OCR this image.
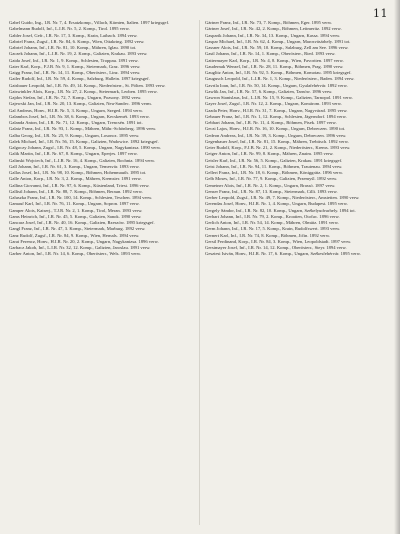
11

Gabel Guido, Ing., I.R. Nr. 7, 4. Ersatzkomp., Villach, Kärnten, Italien. 1897 kriegsgef.

Gabelmann Rudolf, Inf., L.I.R. Nr. 5, 2. Komp., Tirol. 1895 verw.

Gabler Josef, Gefr., I.R. Nr. 17, 3. Komp., Krain, Laibach. 1894 verw.

Gabriel Franz, Zugsf., I.R. Nr. 84, 6. Komp., Wien, Ottakring. 1892 verw.

Gabriel Johann, Inf., I.R. Nr. 81, 10. Komp., Mähren, Iglau. 1890 tot.

Gaczek Johann, Inf., L.I.R. Nr. 19, 2. Komp., Galizien, Krakau. 1893 verw.

Gaida Josef, Inf., I.R. Nr. 1, 9. Komp., Schlesien, Troppau. 1891 verw.

Gaier Karl, Korp., F.J.B. Nr. 9, 1. Komp., Steiermark, Graz. 1896 verw.

Gaigg Franz, Inf., I.R. Nr. 14, 11. Komp., Oberösterr., Linz. 1894 verw.

Gailer Rudolf, Inf., I.R. Nr. 59, 4. Komp., Salzburg, Hallein. 1897 kriegsgef.

Gaisbauer Leopold, Inf., I.R. Nr. 49, 14. Komp., Niederösterr., St. Pölten. 1893 verw.

Gaiswinkler Alois, Korp., I.R. Nr. 27, 2. Komp., Steiermark, Leoben. 1895 verw.

Gajdos Stefan, Inf., I.R. Nr. 72, 7. Komp., Ungarn, Pozsony. 1892 verw.

Gajewski Jan, Inf., I.R. Nr. 20, 13. Komp., Galizien, Neu-Sandec. 1896 verm.

Gal Andreas, Honv., H.I.R. Nr. 5, 3. Komp., Ungarn, Szeged. 1894 verw.

Galambos Josef, Inf., I.R. Nr. 38, 6. Komp., Ungarn, Kecskemét. 1893 verw.

Galanda Anton, Inf., I.R. Nr. 71, 12. Komp., Ungarn, Trencsén. 1891 tot.

Galatz Franz, Inf., I.R. Nr. 93, 1. Komp., Mähren, Mähr.-Schönberg. 1896 verw.

Galba Georg, Inf., I.R. Nr. 25, 9. Komp., Ungarn, Losoncz. 1895 verw.

Galek Michael, Inf., I.R. Nr. 56, 15. Komp., Galizien, Wadowice. 1892 kriegsgef.

Galgoczy Johann, Zugsf., I.R. Nr. 48, 5. Komp., Ungarn, Nagykanizsa. 1890 verw.

Galik Martin, Inf., I.R. Nr. 67, 8. Komp., Ungarn, Eperjes. 1897 verw.

Galinski Wojciech, Inf., L.I.R. Nr. 16, 4. Komp., Galizien, Bochnia. 1894 verw.

Gall Johann, Inf., I.R. Nr. 61, 3. Komp., Ungarn, Temesvár. 1893 verw.

Gallas Josef, Inf., I.R. Nr. 98, 10. Komp., Böhmen, Hohenmauth. 1895 tot.

Galle Anton, Korp., I.R. Nr. 3, 2. Komp., Mähren, Kremsier. 1891 verw.

Gallina Giovanni, Inf., I.R. Nr. 97, 6. Komp., Küstenland, Triest. 1896 verw.

Gallistl Johann, Inf., I.R. Nr. 88, 7. Komp., Böhmen, Beraun. 1892 verw.

Galuszka Franz, Inf., I.R. Nr. 100, 14. Komp., Schlesien, Teschen. 1894 verw.

Gamauf Karl, Inf., I.R. Nr. 76, 11. Komp., Ungarn, Sopron. 1897 verw.

Gamper Alois, Kaiserj., T.J.R. Nr. 2, 1. Komp., Tirol, Meran. 1893 verw.

Gams Heinrich, Inf., I.R. Nr. 45, 5. Komp., Galizien, Sanok. 1890 verw.

Gancarz Josef, Inf., I.R. Nr. 40, 16. Komp., Galizien, Rzeszów. 1895 kriegsgef.

Gangl Franz, Inf., I.R. Nr. 47, 3. Komp., Steiermark, Marburg. 1892 verw.

Ganz Rudolf, Zugsf., I.R. Nr. 84, 9. Komp., Wien, Hernals. 1894 verw.

Garai Ferencz, Honv., H.I.R. Nr. 20, 2. Komp., Ungarn, Nagykanizsa. 1896 verw.

Garbacz Jakob, Inf., L.I.R. Nr. 32, 12. Komp., Galizien, Jaroslau. 1891 verw.

Garber Anton, Inf., I.R. Nr. 14, 6. Komp., Oberösterr., Wels. 1893 verw.

Gärtner Franz, Inf., I.R. Nr. 73, 7. Komp., Böhmen, Eger. 1895 verw.

Gärtner Josef, Inf., I.R. Nr. 42, 2. Komp., Böhmen, Leitmeritz. 1892 verw.

Gasparik Johann, Inf., I.R. Nr. 34, 13. Komp., Ungarn, Kassa. 1894 verw.

Gaspar Michael, Inf., I.R. Nr. 62, 4. Komp., Ungarn, Marosvásárhely. 1891 tot.

Gassner Alois, Inf., I.R. Nr. 59, 10. Komp., Salzburg, Zell am See. 1896 verw.

Gastl Johann, Inf., I.R. Nr. 14, 1. Komp., Oberösterr., Ried. 1893 verw.

Gattermayer Karl, Korp., I.R. Nr. 4, 8. Komp., Wien, Favoriten. 1897 verw.

Gaudernak Wenzel, Inf., I.R. Nr. 28, 11. Komp., Böhmen, Prag. 1890 verw.

Gauglitz Anton, Inf., I.R. Nr. 92, 5. Komp., Böhmen, Komotau. 1895 kriegsgef.

Gaugusch Leopold, Inf., L.I.R. Nr. 1, 3. Komp., Niederösterr., Baden. 1894 verw.

Gavrila Ioan, Inf., I.R. Nr. 50, 14. Komp., Ungarn, Gyulafehérvár. 1892 verw.

Gawlik Jan, Inf., I.R. Nr. 57, 6. Komp., Galizien, Tarnów. 1896 verw.

Gawron Stanislaus, Inf., L.I.R. Nr. 15, 9. Komp., Galizien, Tarnopol. 1891 verw.

Gayer Josef, Zugsf., I.R. Nr. 12, 2. Komp., Ungarn, Komárom. 1893 verw.

Gazda Peter, Honv., H.I.R. Nr. 31, 7. Komp., Ungarn, Nagyvárad. 1895 verw.

Gebauer Franz, Inf., I.R. Nr. 1, 12. Komp., Schlesien, Jägerndorf. 1894 verw.

Gebhart Johann, Inf., I.R. Nr. 11, 4. Komp., Böhmen, Pisek. 1897 verw.

Geczi Lajos, Honv., H.I.R. Nr. 16, 10. Komp., Ungarn, Debreczen. 1890 tot.

Gedeon Andreas, Inf., I.R. Nr. 39, 3. Komp., Ungarn, Debreczen. 1896 verw.

Gegenbauer Josef, Inf., I.R. Nr. 81, 15. Komp., Mähren, Trebitsch. 1892 verw.

Geier Rudolf, Korp., F.J.B. Nr. 21, 2. Komp., Niederösterr., Krems. 1893 verw.

Geiger Anton, Inf., I.R. Nr. 99, 8. Komp., Mähren, Znaim. 1895 verw.

Geisler Karl, Inf., I.R. Nr. 56, 5. Komp., Galizien, Krakau. 1891 kriegsgef.

Geist Johann, Inf., I.R. Nr. 94, 11. Komp., Böhmen, Trautenau. 1894 verw.

Gellert Franz, Inf., I.R. Nr. 18, 6. Komp., Böhmen, Königgrätz. 1896 verw.

Gelb Moses, Inf., I.R. Nr. 77, 9. Komp., Galizien, Przemyśl. 1892 verw.

Gemeiner Alois, Inf., I.R. Nr. 2, 1. Komp., Ungarn, Brassó. 1897 verw.

Genser Franz, Inf., I.R. Nr. 87, 13. Komp., Steiermark, Cilli. 1893 verw.

Gerber Leopold, Zugsf., I.R. Nr. 49, 7. Komp., Niederösterr., Amstetten. 1890 verw.

Gerendas Josef, Honv., H.I.R. Nr. 1, 4. Komp., Ungarn, Budapest. 1895 verw.

Gergely Sándor, Inf., I.R. Nr. 82, 10. Komp., Ungarn, Székelyudvarhely. 1894 tot.

Gerhart Johann, Inf., I.R. Nr. 79, 2. Komp., Kroatien, Otočac. 1896 verw.

Gerlich Anton, Inf., I.R. Nr. 54, 14. Komp., Mähren, Olmütz. 1891 verw.

Germ Johann, Inf., I.R. Nr. 17, 5. Komp., Krain, Rudolfswert. 1893 verw.

Gernert Karl, Inf., I.R. Nr. 74, 8. Komp., Böhmen, Jičin. 1892 verw.

Gerstl Ferdinand, Korp., I.R. Nr. 84, 3. Komp., Wien, Leopoldstadt. 1897 verw.

Gerstmayer Josef, Inf., I.R. Nr. 14, 12. Komp., Oberösterr., Steyr. 1894 verw.

Gesztesi István, Honv., H.I.R. Nr. 17, 6. Komp., Ungarn, Székesfehérvár. 1895 verw.
